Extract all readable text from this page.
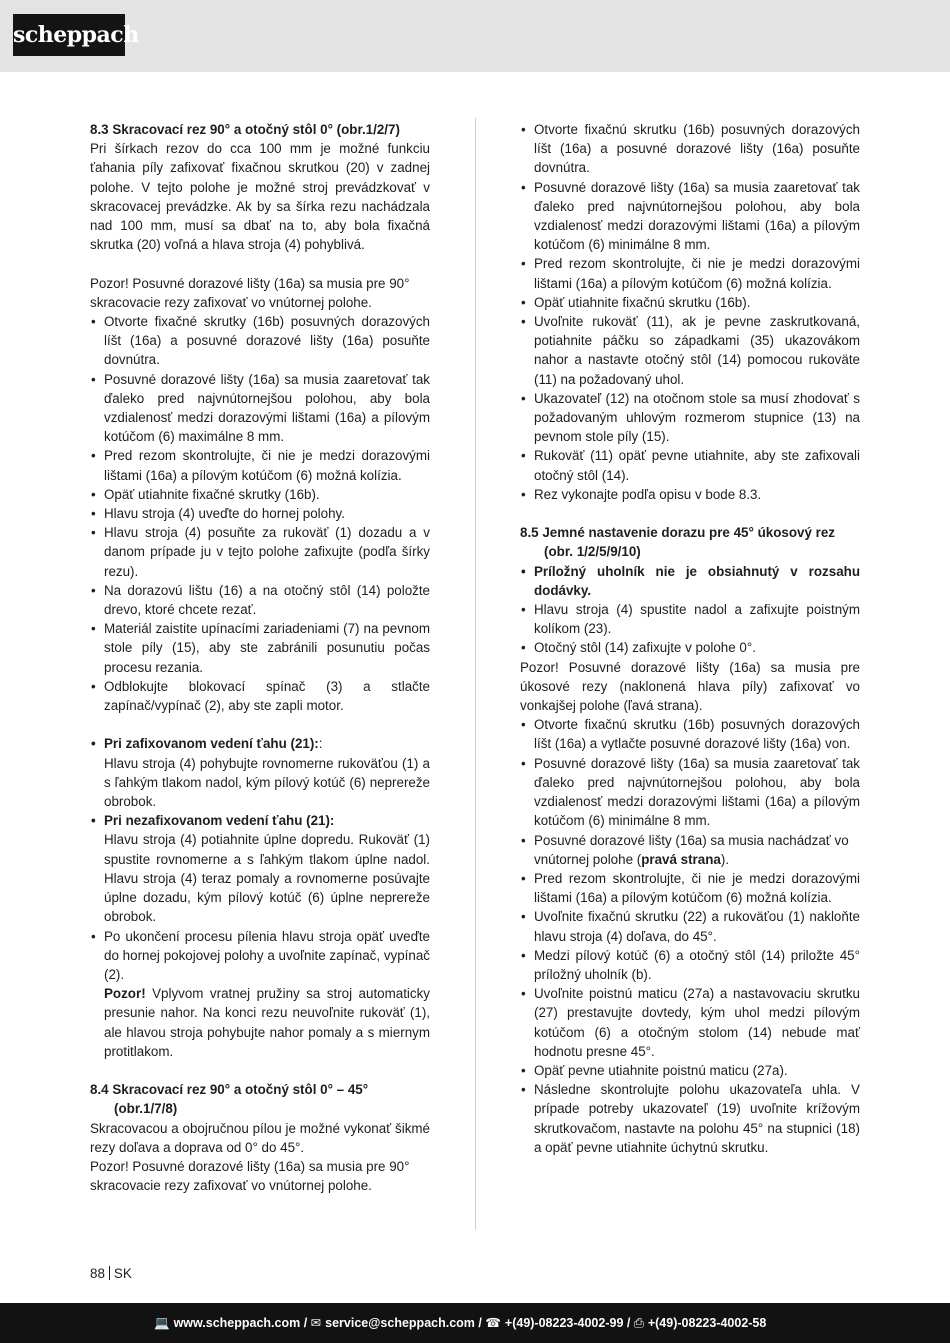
scheppach
8.3 Skracovací rez 90° a otočný stôl 0° (obr.1/2/7)

Pri šírkach rezov do cca 100 mm je možné funkciu ťahania píly zafixovať fixačnou skrutkou (20) v zadnej polohe. V tejto polohe je možné stroj prevádzkovať v skracovacej prevádzke. Ak by sa šírka rezu nachádzala nad 100 mm, musí sa dbať na to, aby bola fixačná skrutka (20) voľná a hlava stroja (4) pohyblivá.

Pozor! Posuvné dorazové lišty (16a) sa musia pre 90° skracovacie rezy zafixovať vo vnútornej polohe.

• Otvorte fixačné skrutky (16b) posuvných dorazových líšt (16a) a posuvné dorazové lišty (16a) posuňte dovnútra.
• Posuvné dorazové lišty (16a) sa musia zaaretovať tak ďaleko pred najvnútornejšou polohou, aby bola vzdialenosť medzi dorazovými lištami (16a) a pílovým kotúčom (6) maximálne 8 mm.
• Pred rezom skontrolujte, či nie je medzi dorazovými lištami (16a) a pílovým kotúčom (6) možná kolízia.
• Opäť utiahnite fixačné skrutky (16b).
• Hlavu stroja (4) uveďte do hornej polohy.
• Hlavu stroja (4) posuňte za rukoväť (1) dozadu a v danom prípade ju v tejto polohe zafixujte (podľa šírky rezu).
• Na dorazovú lištu (16) a na otočný stôl (14) položte drevo, ktoré chcete rezať.
• Materiál zaistite upínacími zariadeniami (7) na pevnom stole píly (15), aby ste zabránili posunutiu počas procesu rezania.
• Odblokujte blokovací spínač (3) a stlačte zapínač/vypínač (2), aby ste zapli motor.
• Pri zafixovanom vedení ťahu (21)::

Hlavu stroja (4) pohybujte rovnomerne rukoväťou (1) a s ľahkým tlakom nadol, kým pílový kotúč (6) neprereže obrobok.

• Pri nezafixovanom vedení ťahu (21):

Hlavu stroja (4) potiahnite úplne dopredu. Rukoväť (1) spustite rovnomerne a s ľahkým tlakom úplne nadol. Hlavu stroja (4) teraz pomaly a rovnomerne posúvajte úplne dozadu, kým pílový kotúč (6) úplne neprereže obrobok.

• Po ukončení procesu pílenia hlavu stroja opäť uveďte do hornej pokojovej polohy a uvoľnite zapínač, vypínač (2).

Pozor! Vplyvom vratnej pružiny sa stroj automaticky presunie nahor. Na konci rezu neuvoľnite rukoväť (1), ale hlavou stroja pohybujte nahor pomaly a s miernym protitlakom.

8.4 Skracovací rez 90° a otočný stôl 0° – 45°
(obr.1/7/8)

Skracovacou a obojručnou pílou je možné vykonať šikmé rezy doľava a doprava od 0° do 45°.

Pozor! Posuvné dorazové lišty (16a) sa musia pre 90° skracovacie rezy zafixovať vo vnútornej polohe.

• Otvorte fixačnú skrutku (16b) posuvných dorazových líšt (16a) a posuvné dorazové lišty (16a) posuňte dovnútra.
• Posuvné dorazové lišty (16a) sa musia zaaretovať tak ďaleko pred najvnútornejšou polohou, aby bola vzdialenosť medzi dorazovými lištami (16a) a pílovým kotúčom (6) minimálne 8 mm.
• Pred rezom skontrolujte, či nie je medzi dorazovými lištami (16a) a pílovým kotúčom (6) možná kolízia.
• Opäť utiahnite fixačnú skrutku (16b).
• Uvoľnite rukoväť (11), ak je pevne zaskrutkovaná, potiahnite páčku so západkami (35) ukazovákom nahor a nastavte otočný stôl (14) pomocou rukoväte (11) na požadovaný uhol.
• Ukazovateľ (12) na otočnom stole sa musí zhodovať s požadovaným uhlovým rozmerom stupnice (13) na pevnom stole píly (15).
• Rukoväť (11) opäť pevne utiahnite, aby ste zafixovali otočný stôl (14).
• Rez vykonajte podľa opisu v bode 8.3.
8.5 Jemné nastavenie dorazu pre 45° úkosový rez
(obr. 1/2/5/9/10)
• Príložný uholník nie je obsiahnutý v rozsahu dodávky.
• Hlavu stroja (4) spustite nadol a zafixujte poistným kolíkom (23).
• Otočný stôl (14) zafixujte v polohe 0°.

Pozor! Posuvné dorazové lišty (16a) sa musia pre úkosové rezy (naklonená hlava píly) zafixovať vo vonkajšej polohe (ľavá strana).

• Otvorte fixačnú skrutku (16b) posuvných dorazových líšt (16a) a vytlačte posuvné dorazové lišty (16a) von.
• Posuvné dorazové lišty (16a) sa musia zaaretovať tak ďaleko pred najvnútornejšou polohou, aby bola vzdialenosť medzi dorazovými lištami (16a) a pílovým kotúčom (6) minimálne 8 mm.
• Posuvné dorazové lišty (16a) sa musia nachádzať vo vnútornej polohe (pravá strana).
• Pred rezom skontrolujte, či nie je medzi dorazovými lištami (16a) a pílovým kotúčom (6) možná kolízia.
• Uvoľnite fixačnú skrutku (22) a rukoväťou (1) nakloňte hlavu stroja (4) doľava, do 45°.
• Medzi pílový kotúč (6) a otočný stôl (14) priložte 45° príložný uholník (b).
• Uvoľnite poistnú maticu (27a) a nastavovaciu skrutku (27) prestavujte dovtedy, kým uhol medzi pílovým kotúčom (6) a otočným stolom (14) nebude mať hodnotu presne 45°.
• Opäť pevne utiahnite poistnú maticu (27a).
• Následne skontrolujte polohu ukazovateľa uhla. V prípade potreby ukazovateľ (19) uvoľnite krížovým skrutkovačom, nastavte na polohu 45° na stupnici (18) a opäť pevne utiahnite úchytnú skrutku.
88 SK
💻 www.scheppach.com / ✉ service@scheppach.com / ☎ +(49)-08223-4002-99 / ⎙ +(49)-08223-4002-58
